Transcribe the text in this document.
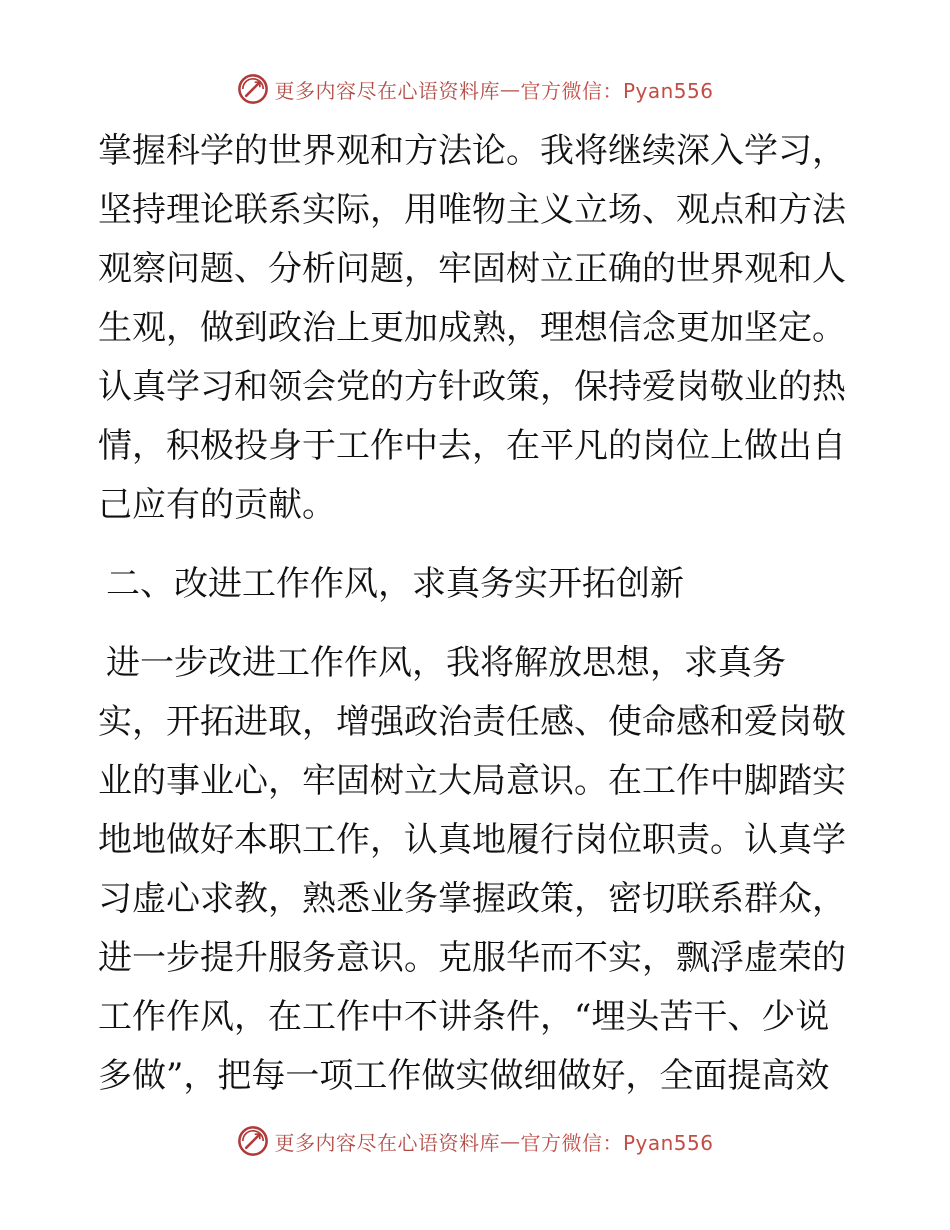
更多内容尽在心语资料库 — 官方微信：Pyan556
掌握科学的世界观和方法论。我将继续深入学习，
坚持理论联系实际，用唯物主义立场、观点和方法
观察问题、分析问题，牢固树立正确的世界观和人
生观，做到政治上更加成熟，理想信念更加坚定。
认真学习和领会党的方针政策，保持爱岗敬业的热
情，积极投身于工作中去，在平凡的岗位上做出自
己应有的贡献。
二、改进工作作风，求真务实开拓创新
进一步改进工作作风，我将解放思想，求真务
实，开拓进取，增强政治责任感、使命感和爱岗敬
业的事业心，牢固树立大局意识。在工作中脚踏实
地地做好本职工作，认真地履行岗位职责。认真学
习虚心求教，熟悉业务掌握政策，密切联系群众，
进一步提升服务意识。克服华而不实，飘浮虚荣的
工作作风，在工作中不讲条件，“埋头苦干、少说
多做”，把每一项工作做实做细做好，全面提高效
更多内容尽在心语资料库 — 官方微信：Pyan556
